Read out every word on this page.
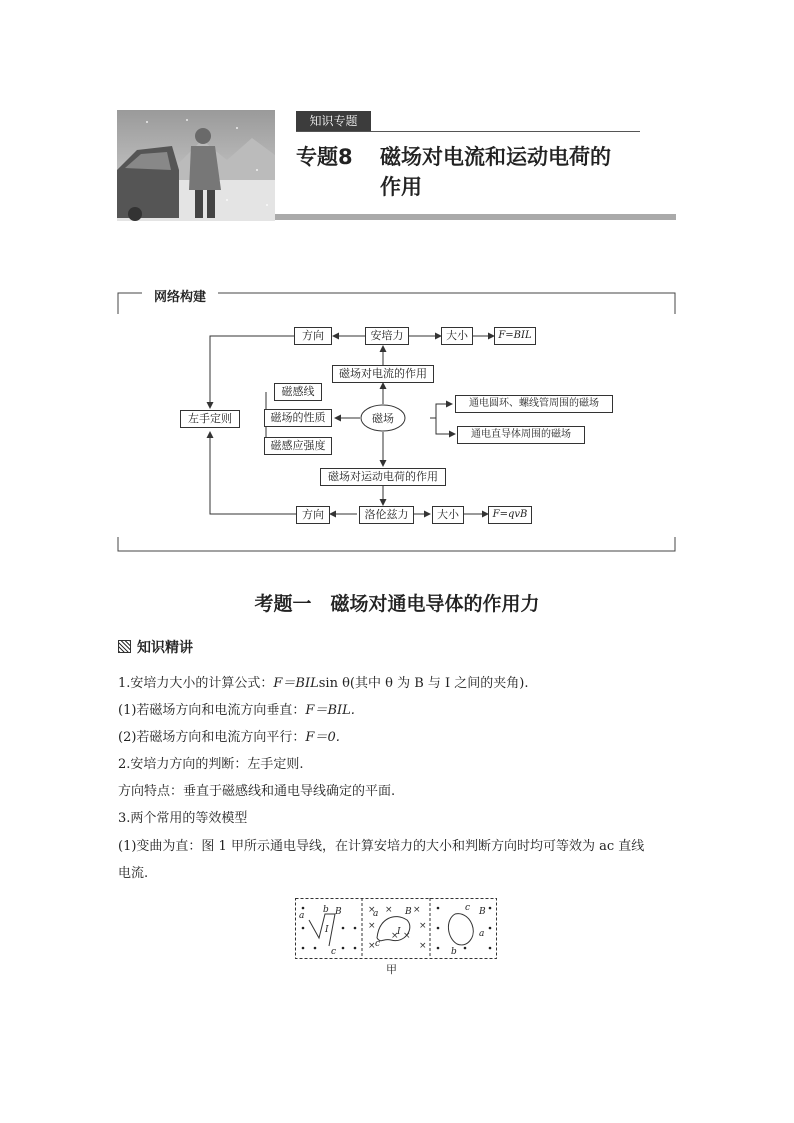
知识专题
专题8 磁场对电流和运动电荷的
作用
网络构建
方向	安培力	大小	F=BIL
磁场对电流的作用
左手定则
磁感线
磁场的性质
磁感应强度
磁场
通电圆环、螺线管周围的磁场
通电直导体周围的磁场
磁场对运动电荷的作用
方向	洛伦兹力	大小	F=qvB
考题一　磁场对通电导体的作用力
知识精讲
1.安培力大小的计算公式：F＝BILsin θ(其中 θ 为 B 与 I 之间的夹角).
(1)若磁场方向和电流方向垂直：F＝BIL.
(2)若磁场方向和电流方向平行：F＝0.
2.安培力方向的判断：左手定则.
方向特点：垂直于磁感线和通电导线确定的平面.
3.两个常用的等效模型
(1)变曲为直：图 1 甲所示通电导线，在计算安培力的大小和判断方向时均可等效为 ac 直线
电流.
×
×
×
× ×
×
×
× ×
a
b B
I
c
a	B
I
c
c B
a
b
甲
